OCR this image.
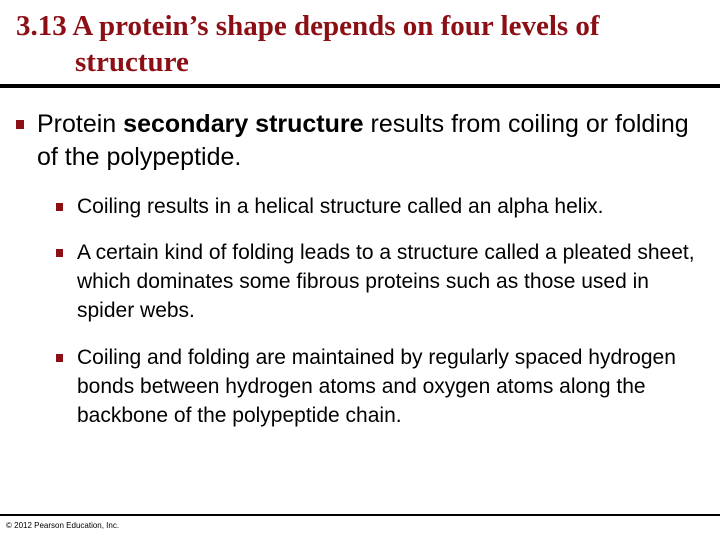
3.13 A protein’s shape depends on four levels of
structure
Protein secondary structure results from coiling or folding of the polypeptide.
Coiling results in a helical structure called an alpha helix.
A certain kind of folding leads to a structure called a pleated sheet, which dominates some fibrous proteins such as those used in spider webs.
Coiling and folding are maintained by regularly spaced hydrogen bonds between hydrogen atoms and oxygen atoms along the backbone of the polypeptide chain.
© 2012 Pearson Education, Inc.
